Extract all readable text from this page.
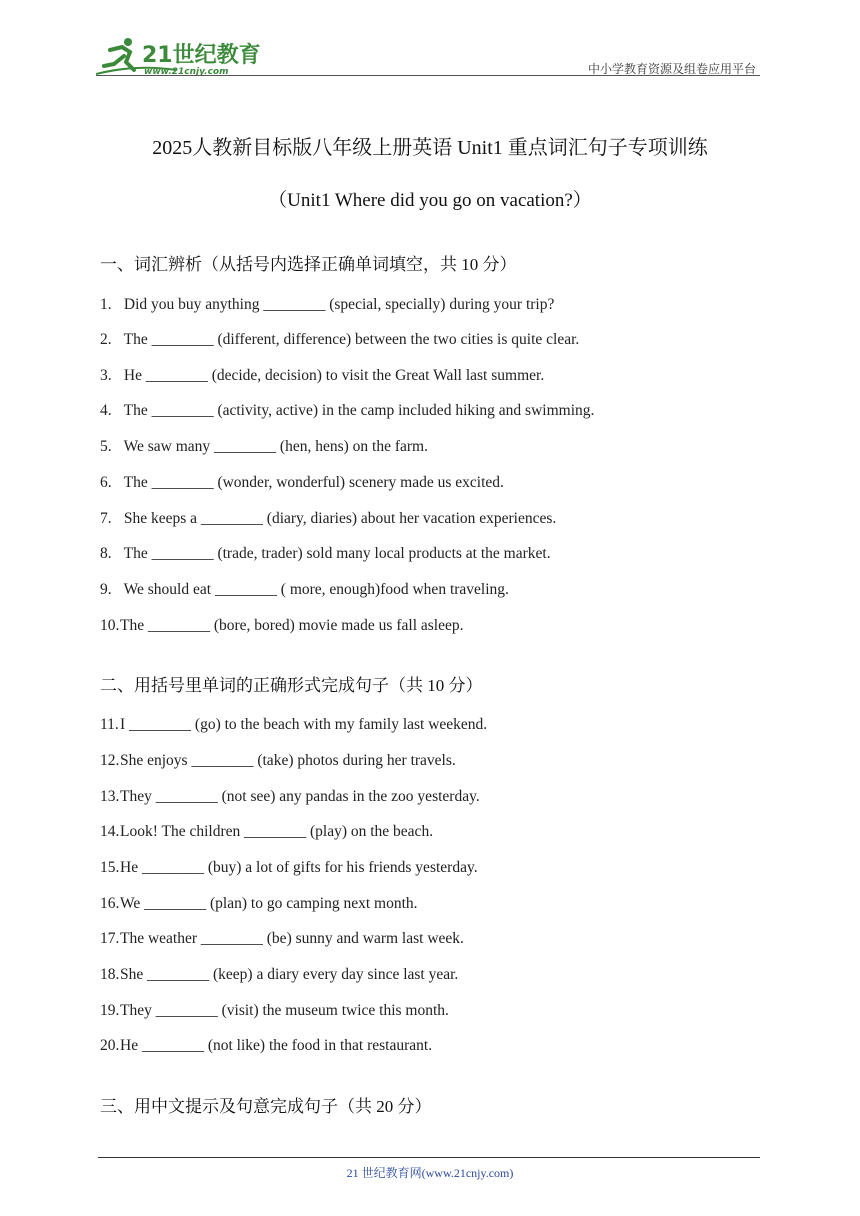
21世纪教育
www.21cnjy.com	中小学教育资源及组卷应用平台
2025人教新目标版八年级上册英语 Unit1 重点词汇句子专项训练
（Unit1 Where did you go on vacation?）
一、词汇辨析（从括号内选择正确单词填空，共 10 分）
1. Did you buy anything ________ (special, specially) during your trip?
2. The ________ (different, difference) between the two cities is quite clear.
3. He ________ (decide, decision) to visit the Great Wall last summer.
4. The ________ (activity, active) in the camp included hiking and swimming.
5. We saw many ________ (hen, hens) on the farm.
6. The ________ (wonder, wonderful) scenery made us excited.
7. She keeps a ________ (diary, diaries) about her vacation experiences.
8. The ________ (trade, trader) sold many local products at the market.
9. We should eat ________ ( more, enough)food when traveling.
10.The ________ (bore, bored) movie made us fall asleep.
二、用括号里单词的正确形式完成句子（共 10 分）
11.I ________ (go) to the beach with my family last weekend.
12.She enjoys ________ (take) photos during her travels.
13.They ________ (not see) any pandas in the zoo yesterday.
14.Look! The children ________ (play) on the beach.
15.He ________ (buy) a lot of gifts for his friends yesterday.
16.We ________ (plan) to go camping next month.
17.The weather ________ (be) sunny and warm last week.
18.She ________ (keep) a diary every day since last year.
19.They ________ (visit) the museum twice this month.
20.He ________ (not like) the food in that restaurant.
三、用中文提示及句意完成句子（共 20 分）
21 世纪教育网(www.21cnjy.com)
